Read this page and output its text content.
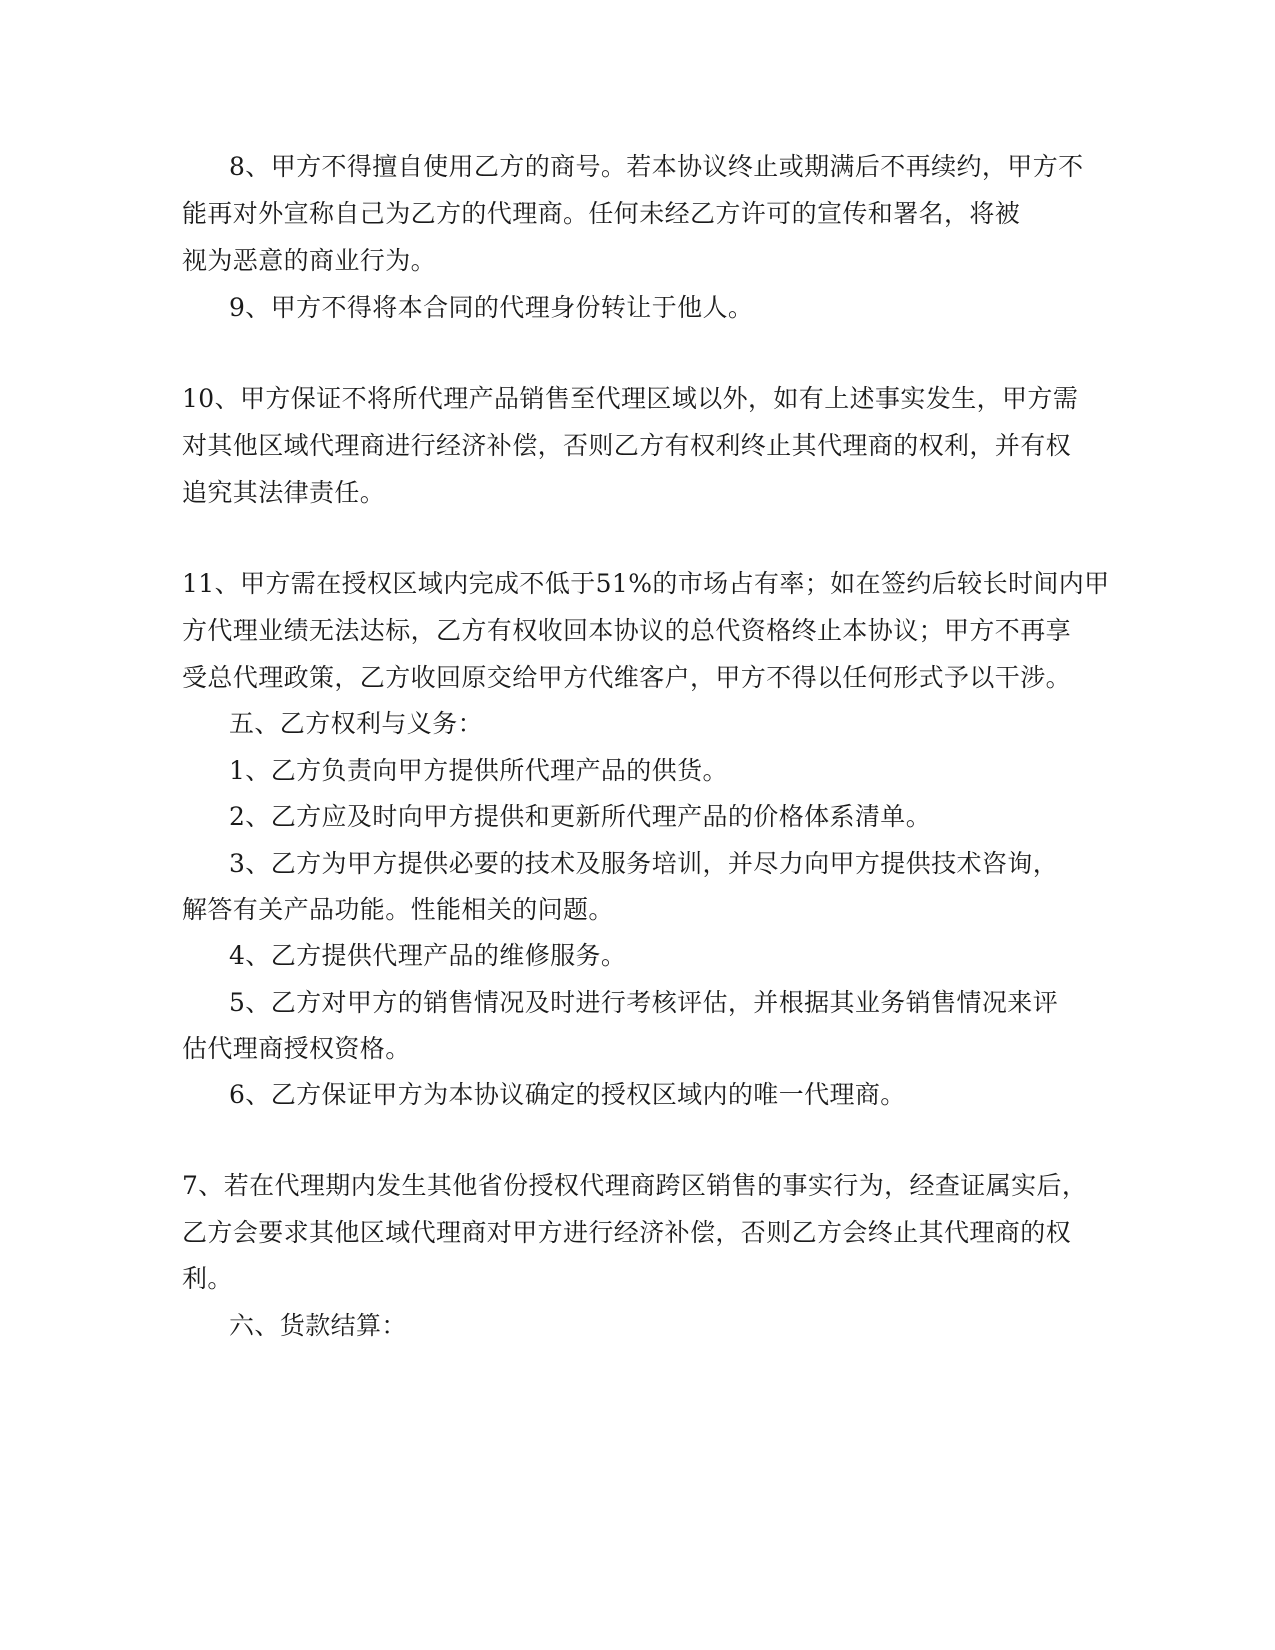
8、甲方不得擅自使用乙方的商号。若本协议终止或期满后不再续约，甲方不
能再对外宣称自己为乙方的代理商。任何未经乙方许可的宣传和署名，将被
视为恶意的商业行为。
9、甲方不得将本合同的代理身份转让于他人。
10、甲方保证不将所代理产品销售至代理区域以外，如有上述事实发生，甲方需
对其他区域代理商进行经济补偿，否则乙方有权利终止其代理商的权利，并有权
追究其法律责任。
11、甲方需在授权区域内完成不低于51%的市场占有率；如在签约后较长时间内甲
方代理业绩无法达标，乙方有权收回本协议的总代资格终止本协议；甲方不再享
受总代理政策，乙方收回原交给甲方代维客户，甲方不得以任何形式予以干涉。
五、乙方权利与义务：
1、乙方负责向甲方提供所代理产品的供货。
2、乙方应及时向甲方提供和更新所代理产品的价格体系清单。
3、乙方为甲方提供必要的技术及服务培训，并尽力向甲方提供技术咨询，
解答有关产品功能。性能相关的问题。
4、乙方提供代理产品的维修服务。
5、乙方对甲方的销售情况及时进行考核评估，并根据其业务销售情况来评
估代理商授权资格。
6、乙方保证甲方为本协议确定的授权区域内的唯一代理商。
7、若在代理期内发生其他省份授权代理商跨区销售的事实行为，经查证属实后，
乙方会要求其他区域代理商对甲方进行经济补偿，否则乙方会终止其代理商的权
利。
六、货款结算：
